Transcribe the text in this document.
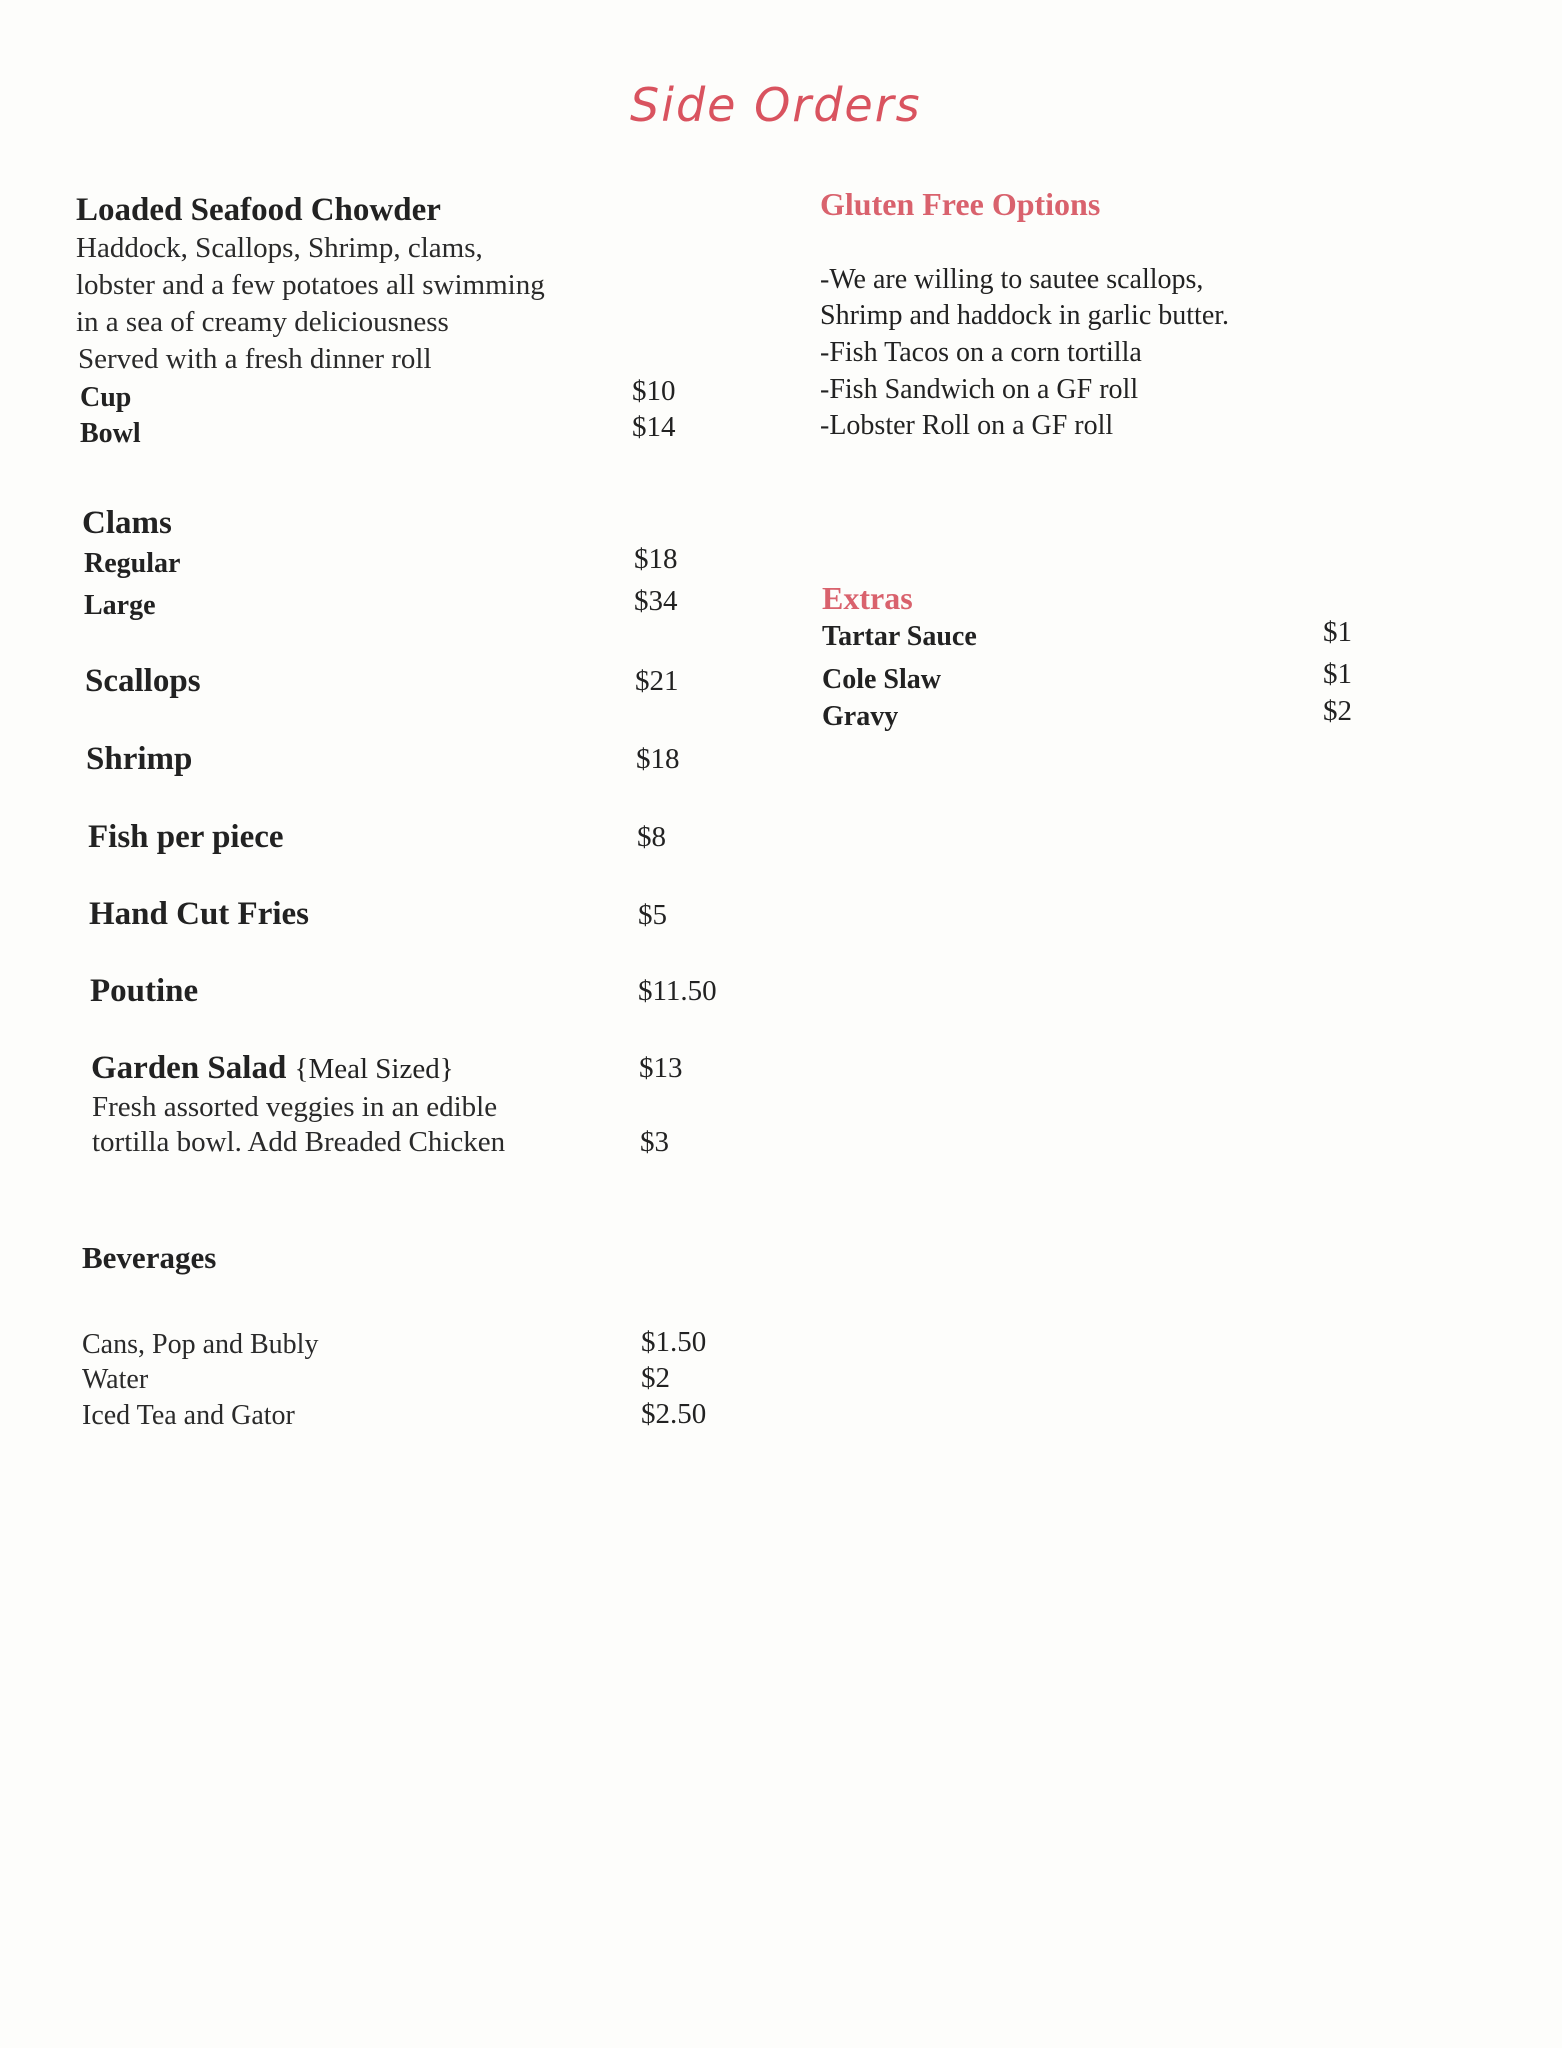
Side Orders
Loaded Seafood Chowder
Haddock, Scallops, Shrimp, clams,
lobster and a few potatoes all swimming
in a sea of creamy deliciousness
Served with a fresh dinner roll
Cup	$10
Bowl	$14
Clams
Regular	$18
Large	$34
Scallops	$21
Shrimp	$18
Fish per piece	$8
Hand Cut Fries	$5
Poutine	$11.50
Garden Salad {Meal Sized}	$13
Fresh assorted veggies in an edible
tortilla bowl. Add Breaded Chicken	$3
Beverages
Cans, Pop and Bubly	$1.50
Water	$2
Iced Tea and Gator	$2.50
Gluten Free Options
-We are willing to sautee scallops,
Shrimp and haddock in garlic butter.
-Fish Tacos on a corn tortilla
-Fish Sandwich on a GF roll
-Lobster Roll on a GF roll
Extras
Tartar Sauce	$1
Cole Slaw	$1
Gravy	$2
